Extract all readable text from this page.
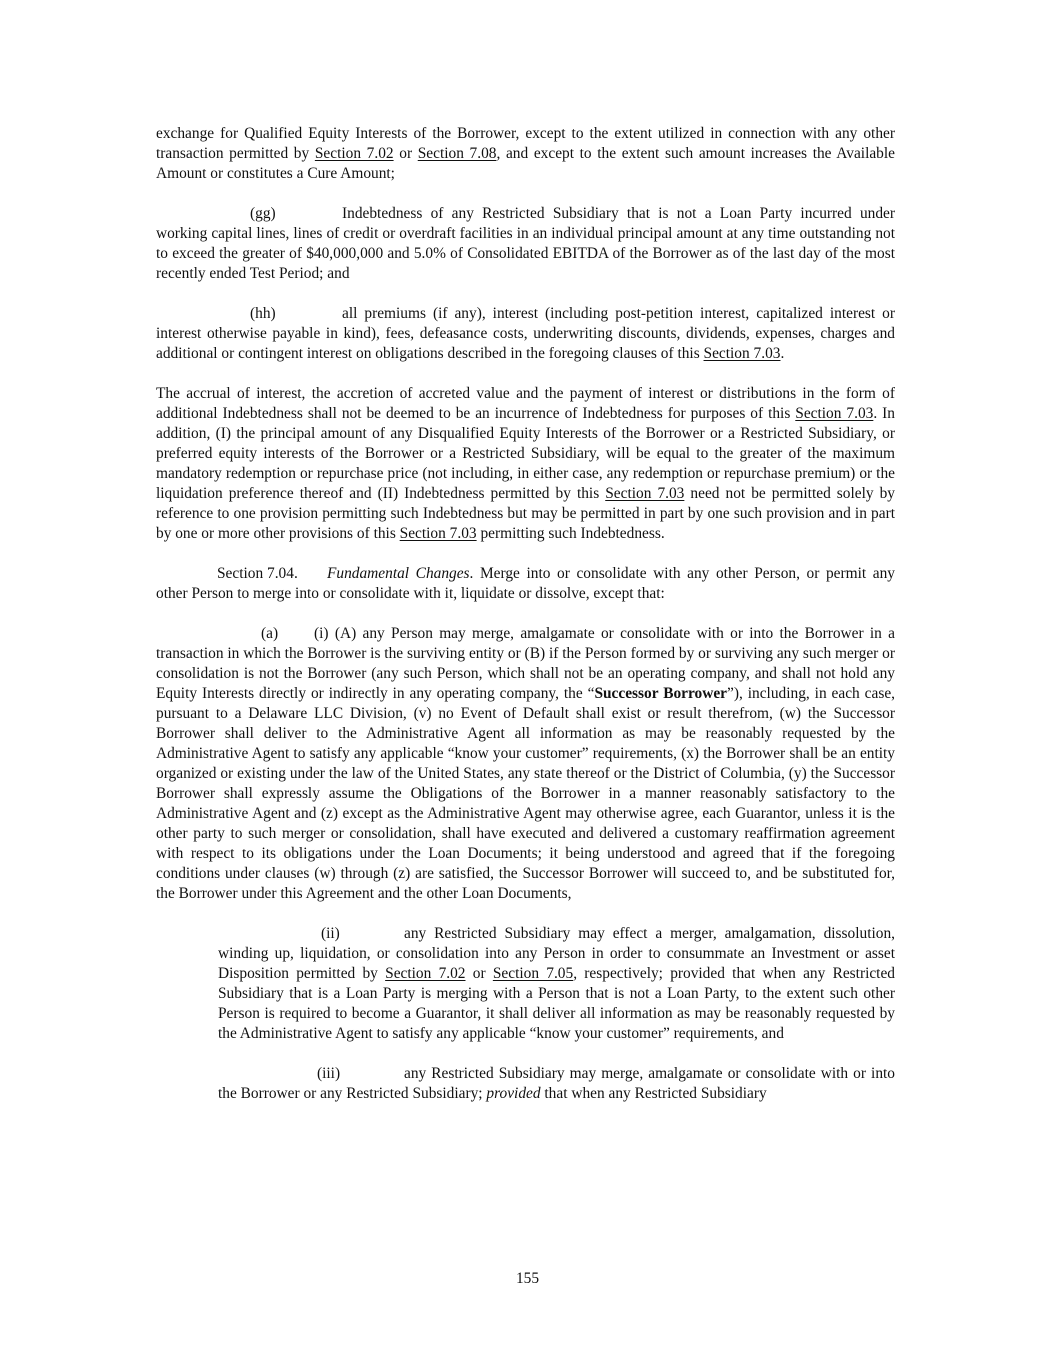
exchange for Qualified Equity Interests of the Borrower, except to the extent utilized in connection with any other transaction permitted by Section 7.02 or Section 7.08, and except to the extent such amount increases the Available Amount or constitutes a Cure Amount;

(gg)	Indebtedness of any Restricted Subsidiary that is not a Loan Party incurred under working capital lines, lines of credit or overdraft facilities in an individual principal amount at any time outstanding not to exceed the greater of $40,000,000 and 5.0% of Consolidated EBITDA of the Borrower as of the last day of the most recently ended Test Period; and

(hh)	all premiums (if any), interest (including post-petition interest, capitalized interest or interest otherwise payable in kind), fees, defeasance costs, underwriting discounts, dividends, expenses, charges and additional or contingent interest on obligations described in the foregoing clauses of this Section 7.03.

The accrual of interest, the accretion of accreted value and the payment of interest or distributions in the form of additional Indebtedness shall not be deemed to be an incurrence of Indebtedness for purposes of this Section 7.03. In addition, (I) the principal amount of any Disqualified Equity Interests of the Borrower or a Restricted Subsidiary, or preferred equity interests of the Borrower or a Restricted Subsidiary, will be equal to the greater of the maximum mandatory redemption or repurchase price (not including, in either case, any redemption or repurchase premium) or the liquidation preference thereof and (II) Indebtedness permitted by this Section 7.03 need not be permitted solely by reference to one provision permitting such Indebtedness but may be permitted in part by one such provision and in part by one or more other provisions of this Section 7.03 permitting such Indebtedness.

Section 7.04. Fundamental Changes. Merge into or consolidate with any other Person, or permit any other Person to merge into or consolidate with it, liquidate or dissolve, except that:

(a) (i) (A) any Person may merge, amalgamate or consolidate with or into the Borrower in a transaction in which the Borrower is the surviving entity or (B) if the Person formed by or surviving any such merger or consolidation is not the Borrower (any such Person, which shall not be an operating company, and shall not hold any Equity Interests directly or indirectly in any operating company, the “Successor Borrower”), including, in each case, pursuant to a Delaware LLC Division, (v) no Event of Default shall exist or result therefrom, (w) the Successor Borrower shall deliver to the Administrative Agent all information as may be reasonably requested by the Administrative Agent to satisfy any applicable “know your customer” requirements, (x) the Borrower shall be an entity organized or existing under the law of the United States, any state thereof or the District of Columbia, (y) the Successor Borrower shall expressly assume the Obligations of the Borrower in a manner reasonably satisfactory to the Administrative Agent and (z) except as the Administrative Agent may otherwise agree, each Guarantor, unless it is the other party to such merger or consolidation, shall have executed and delivered a customary reaffirmation agreement with respect to its obligations under the Loan Documents; it being understood and agreed that if the foregoing conditions under clauses (w) through (z) are satisfied, the Successor Borrower will succeed to, and be substituted for, the Borrower under this Agreement and the other Loan Documents,

(ii)	any Restricted Subsidiary may effect a merger, amalgamation, dissolution, winding up, liquidation, or consolidation into any Person in order to consummate an Investment or asset Disposition permitted by Section 7.02 or Section 7.05, respectively; provided that when any Restricted Subsidiary that is a Loan Party is merging with a Person that is not a Loan Party, to the extent such other Person is required to become a Guarantor, it shall deliver all information as may be reasonably requested by the Administrative Agent to satisfy any applicable “know your customer” requirements, and

(iii)	any Restricted Subsidiary may merge, amalgamate or consolidate with or into the Borrower or any Restricted Subsidiary; provided that when any Restricted Subsidiary

155
